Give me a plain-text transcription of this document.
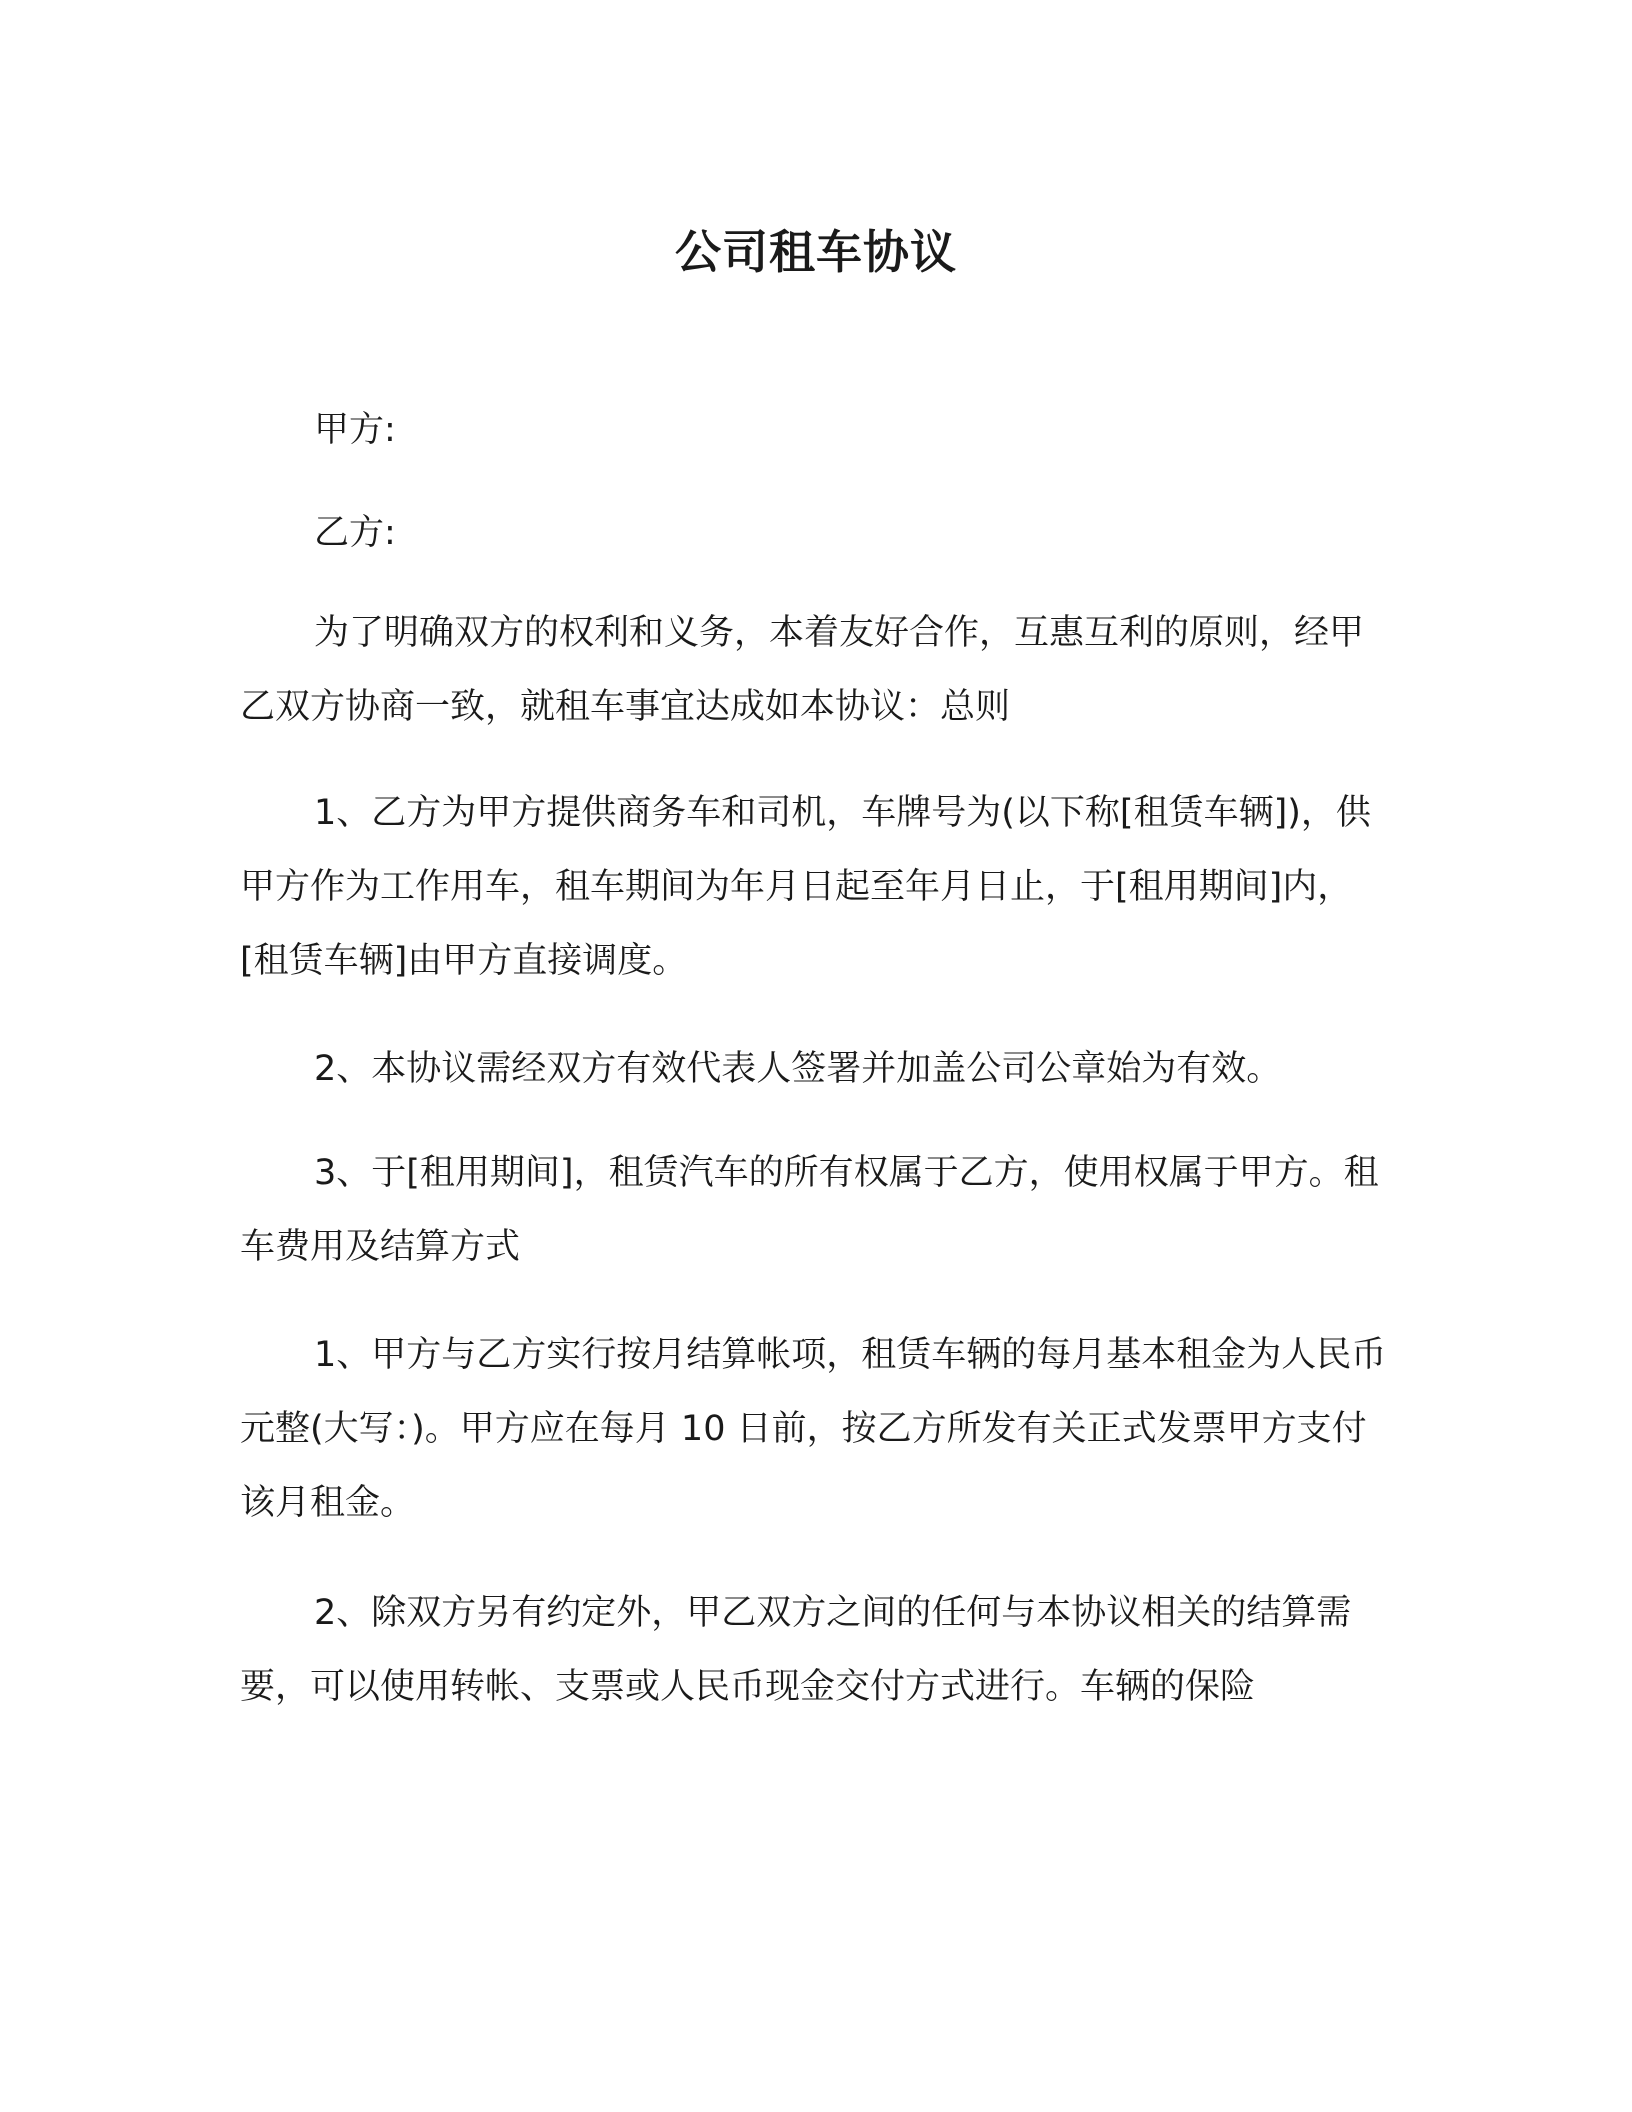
公司租车协议

甲方:

乙方:

为了明确双方的权利和义务，本着友好合作，互惠互利的原则，经甲乙双方协商一致，就租车事宜达成如本协议：总则

1、乙方为甲方提供商务车和司机，车牌号为(以下称[租赁车辆])，供甲方作为工作用车，租车期间为年月日起至年月日止，于[租用期间]内，[租赁车辆]由甲方直接调度。

2、本协议需经双方有效代表人签署并加盖公司公章始为有效。

3、于[租用期间]，租赁汽车的所有权属于乙方，使用权属于甲方。租车费用及结算方式

1、甲方与乙方实行按月结算帐项，租赁车辆的每月基本租金为人民币元整(大写：)。甲方应在每月 10 日前，按乙方所发有关正式发票甲方支付该月租金。

2、除双方另有约定外，甲乙双方之间的任何与本协议相关的结算需要，可以使用转帐、支票或人民币现金交付方式进行。车辆的保险
